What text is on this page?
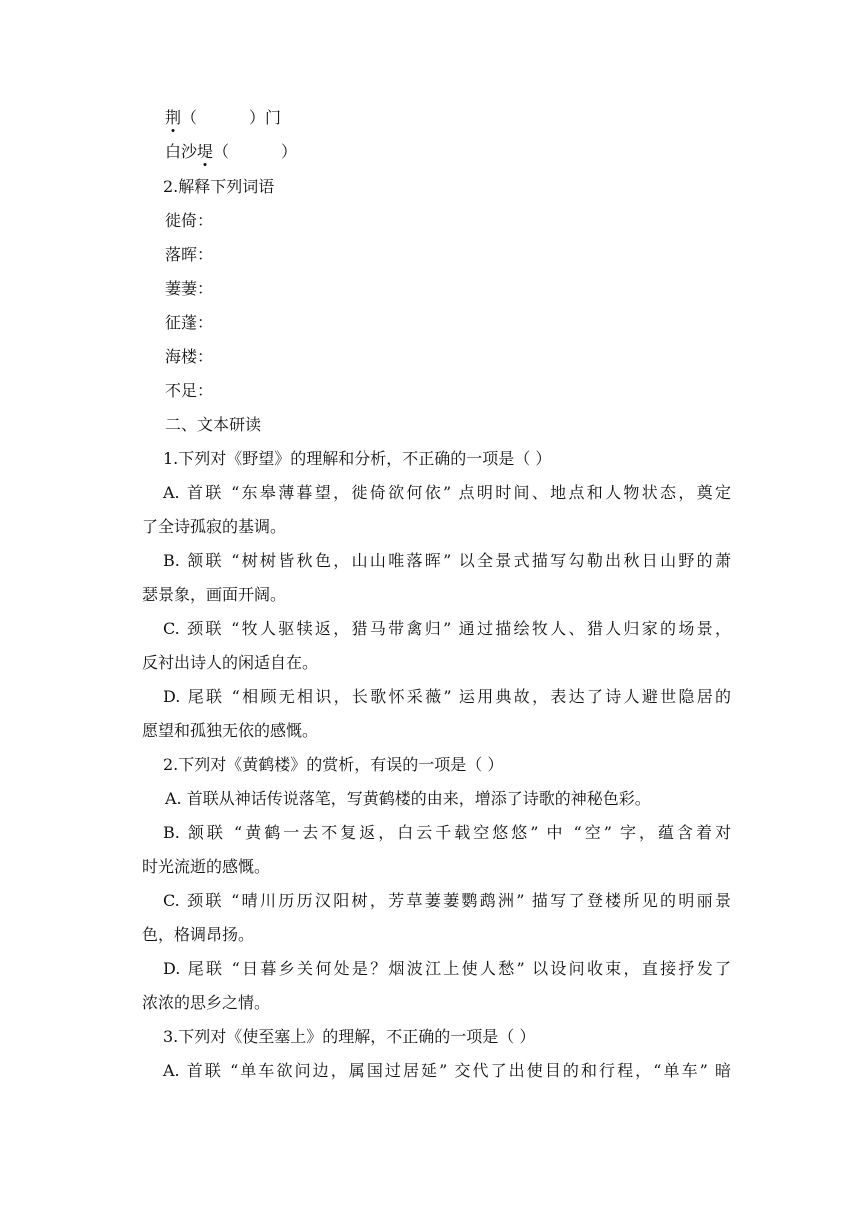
荆（	）门
白沙堤（	）
2.解释下列词语
徙倚：
落晖：
萋萋：
征蓬：
海楼：
不足：
二、文本研读
1.下列对《野望》的理解和分析，不正确的一项是（ ）
A. 首联 “东皋薄暮望，徙倚欲何依” 点明时间、地点和人物状态，奠定
了全诗孤寂的基调。
B. 颔联 “树树皆秋色，山山唯落晖” 以全景式描写勾勒出秋日山野的萧
瑟景象，画面开阔。
C. 颈联 “牧人驱犊返，猎马带禽归” 通过描绘牧人、猎人归家的场景，
反衬出诗人的闲适自在。
D. 尾联 “相顾无相识，长歌怀采薇” 运用典故，表达了诗人避世隐居的
愿望和孤独无依的感慨。
2.下列对《黄鹤楼》的赏析，有误的一项是（ ）
A. 首联从神话传说落笔，写黄鹤楼的由来，增添了诗歌的神秘色彩。
B. 颔联 “黄鹤一去不复返，白云千载空悠悠” 中 “空” 字，蕴含着对
时光流逝的感慨。
C. 颈联 “晴川历历汉阳树，芳草萋萋鹦鹉洲” 描写了登楼所见的明丽景
色，格调昂扬。
D. 尾联 “日暮乡关何处是？烟波江上使人愁” 以设问收束，直接抒发了
浓浓的思乡之情。
3.下列对《使至塞上》的理解，不正确的一项是（ ）
A. 首联 “单车欲问边，属国过居延” 交代了出使目的和行程，“单车” 暗
